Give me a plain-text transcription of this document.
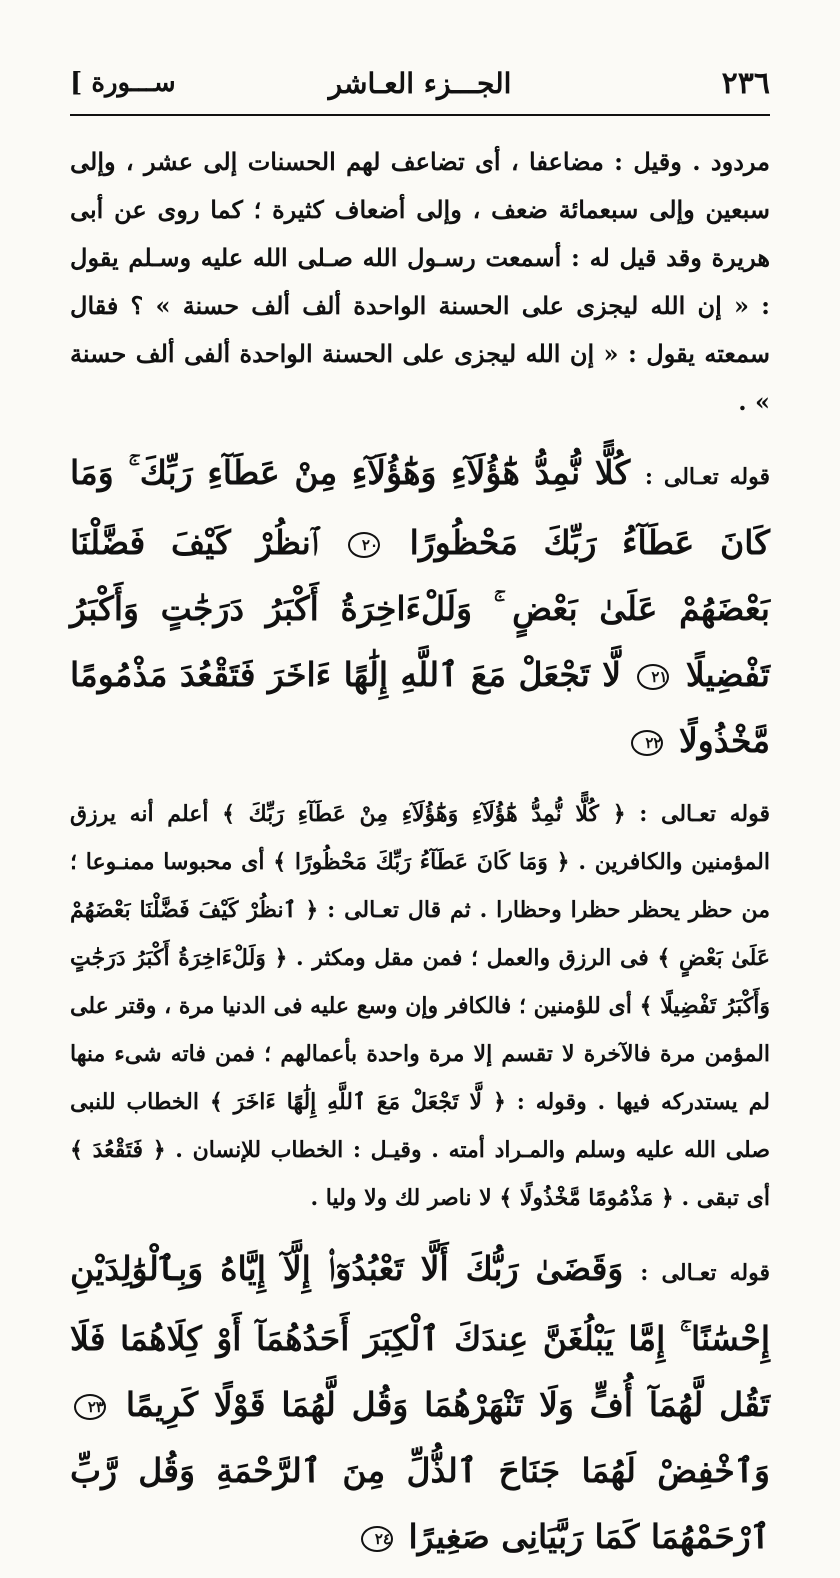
[ ســـورة	الجـــزء العـاشر	٢٣٦

مردود . وقيل : مضاعفا ، أى تضاعف لهم الحسنات إلى عشر ، وإلى سبعين وإلى سبعمائة ضعف ، وإلى أضعاف كثيرة ؛ كما روى عن أبى هريرة وقد قيل له : أسمعت رسـول الله صـلى الله عليه وسـلم يقول : « إن الله ليجزى على الحسنة الواحدة ألف ألف حسنة » ؟ فقال سمعته يقول : « إن الله ليجزى على الحسنة الواحدة ألفى ألف حسنة » .

قوله تعـالى : كُلًّا نُّمِدُّ هَٰٓؤُلَآءِ وَهَٰٓؤُلَآءِ مِنْ عَطَآءِ رَبِّكَ ۚ وَمَا كَانَ عَطَآءُ رَبِّكَ مَحْظُورًا ٢٠ ٱنظُرْ كَيْفَ فَضَّلْنَا بَعْضَهُمْ عَلَىٰ بَعْضٍ ۚ وَلَلْءَاخِرَةُ أَكْبَرُ دَرَجَٰتٍ وَأَكْبَرُ تَفْضِيلًا ٢١ لَّا تَجْعَلْ مَعَ ٱللَّهِ إِلَٰهًا ءَاخَرَ فَتَقْعُدَ مَذْمُومًا مَّخْذُولًا ٢٢

قوله تعـالى : ﴿ كُلًّا نُّمِدُّ هَٰٓؤُلَآءِ وَهَٰٓؤُلَآءِ مِنْ عَطَآءِ رَبِّكَ ﴾ أعلم أنه يرزق المؤمنين والكافرين . ﴿ وَمَا كَانَ عَطَآءُ رَبِّكَ مَحْظُورًا ﴾ أى محبوسا ممنـوعا ؛ من حظر يحظر حظرا وحظارا . ثم قال تعـالى : ﴿ ٱنظُرْ كَيْفَ فَضَّلْنَا بَعْضَهُمْ عَلَىٰ بَعْضٍ ﴾ فى الرزق والعمل ؛ فمن مقل ومكثر . ﴿ وَلَلْءَاخِرَةُ أَكْبَرُ دَرَجَٰتٍ وَأَكْبَرُ تَفْضِيلًا ﴾ أى للؤمنين ؛ فالكافر وإن وسع عليه فى الدنيا مرة ، وقتر على المؤمن مرة فالآخرة لا تقسم إلا مرة واحدة بأعمالهم ؛ فمن فاته شىء منها لم يستدركه فيها . وقوله : ﴿ لَّا تَجْعَلْ مَعَ ٱللَّهِ إِلَٰهًا ءَاخَرَ ﴾ الخطاب للنبى صلى الله عليه وسلم والمـراد أمته . وقيـل : الخطاب للإنسان . ﴿ فَتَقْعُدَ ﴾ أى تبقى . ﴿ مَذْمُومًا مَّخْذُولًا ﴾ لا ناصر لك ولا وليا .

قوله تعـالى : وَقَضَىٰ رَبُّكَ أَلَّا تَعْبُدُوٓا۟ إِلَّآ إِيَّاهُ وَبِٱلْوَٰلِدَيْنِ إِحْسَٰنًا ۚ إِمَّا يَبْلُغَنَّ عِندَكَ ٱلْكِبَرَ أَحَدُهُمَآ أَوْ كِلَاهُمَا فَلَا تَقُل لَّهُمَآ أُفٍّ وَلَا تَنْهَرْهُمَا وَقُل لَّهُمَا قَوْلًا كَرِيمًا ٢٣ وَٱخْفِضْ لَهُمَا جَنَاحَ ٱلذُّلِّ مِنَ ٱلرَّحْمَةِ وَقُل رَّبِّ ٱرْحَمْهُمَا كَمَا رَبَّيَانِى صَغِيرًا ٢٤
